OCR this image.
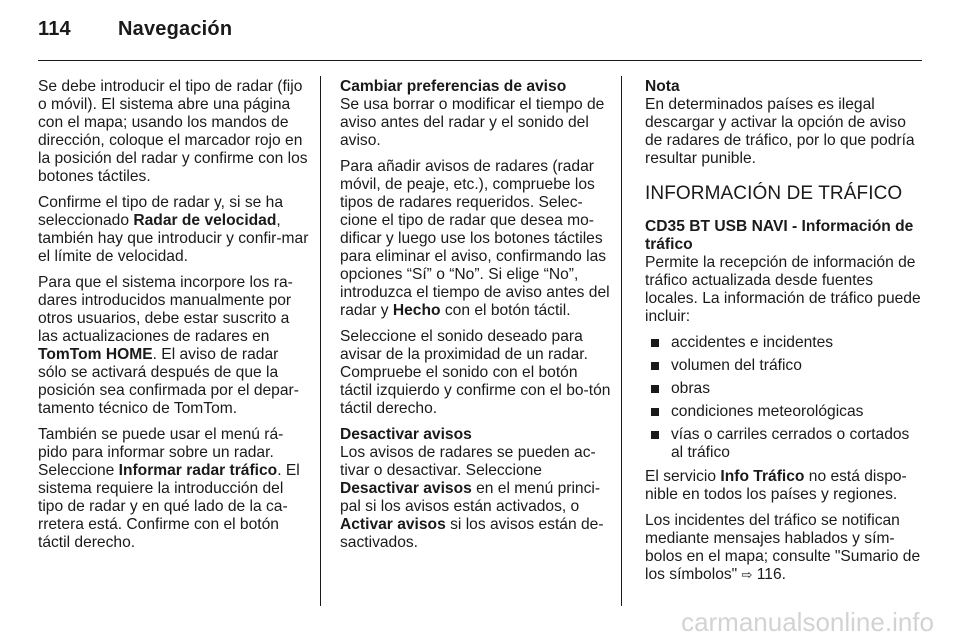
114	Navegación

Se debe introducir el tipo de radar (fijo o móvil). El sistema abre una página con el mapa; usando los mandos de dirección, coloque el marcador rojo en la posición del radar y confirme con los botones táctiles.

Confirme el tipo de radar y, si se ha seleccionado Radar de velocidad, también hay que introducir y confir-mar el límite de velocidad.

Para que el sistema incorpore los ra-dares introducidos manualmente por otros usuarios, debe estar suscrito a las actualizaciones de radares en TomTom HOME. El aviso de radar sólo se activará después de que la posición sea confirmada por el depar-tamento técnico de TomTom.

También se puede usar el menú rá-pido para informar sobre un radar. Seleccione Informar radar tráfico. El sistema requiere la introducción del tipo de radar y en qué lado de la ca-rretera está. Confirme con el botón táctil derecho.

Cambiar preferencias de aviso

Se usa borrar o modificar el tiempo de aviso antes del radar y el sonido del aviso.

Para añadir avisos de radares (radar móvil, de peaje, etc.), compruebe los tipos de radares requeridos. Selec-cione el tipo de radar que desea mo-dificar y luego use los botones táctiles para eliminar el aviso, confirmando las opciones “Sí” o “No”. Si elige “No”, introduzca el tiempo de aviso antes del radar y Hecho con el botón táctil.

Seleccione el sonido deseado para avisar de la proximidad de un radar. Compruebe el sonido con el botón táctil izquierdo y confirme con el bo-tón táctil derecho.

Desactivar avisos

Los avisos de radares se pueden ac-tivar o desactivar. Seleccione Desactivar avisos en el menú princi-pal si los avisos están activados, o Activar avisos si los avisos están de-sactivados.

Nota
En determinados países es ilegal descargar y activar la opción de aviso de radares de tráfico, por lo que podría resultar punible.
INFORMACIÓN DE TRÁFICO

CD35 BT USB NAVI - Información de tráfico

Permite la recepción de información de tráfico actualizada desde fuentes locales. La información de tráfico puede incluir:

accidentes e incidentes
volumen del tráfico
obras
condiciones meteorológicas
vías o carriles cerrados o cortados al tráfico

El servicio Info Tráfico no está dispo-nible en todos los países y regiones.

Los incidentes del tráfico se notifican mediante mensajes hablados y sím-bolos en el mapa; consulte "Sumario de los símbolos" ⇨ 116.

carmanualsonline.info
